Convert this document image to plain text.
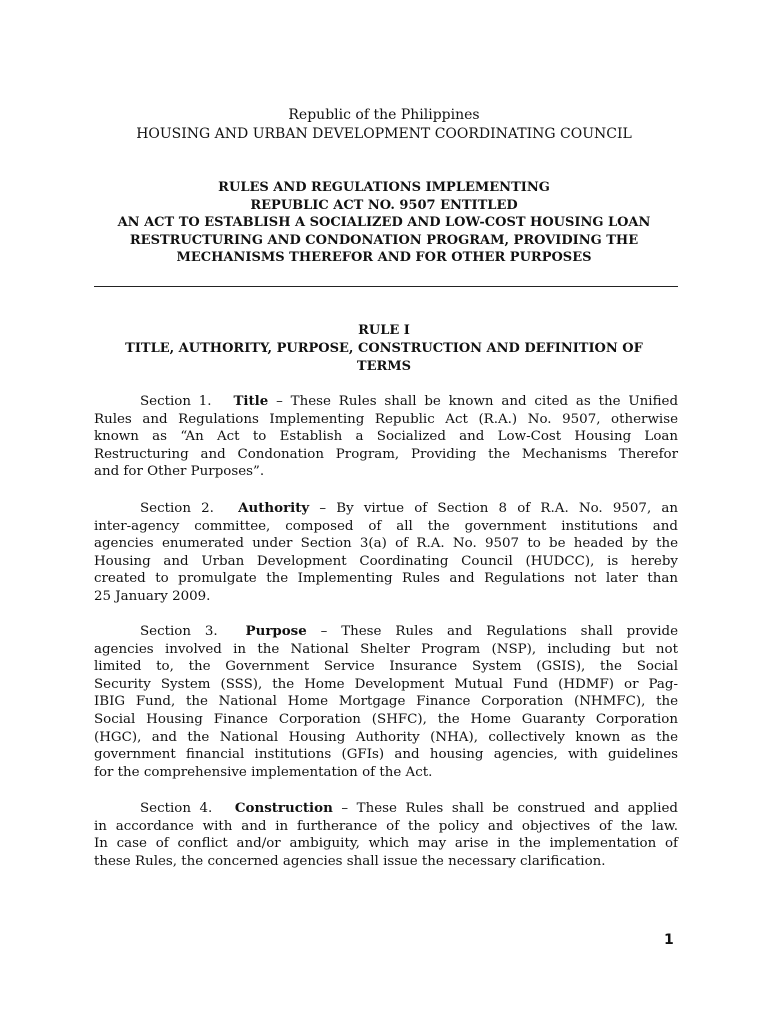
Republic of the Philippines
HOUSING AND URBAN DEVELOPMENT COORDINATING COUNCIL
RULES AND REGULATIONS IMPLEMENTING
REPUBLIC ACT NO. 9507 ENTITLED
AN ACT TO ESTABLISH A SOCIALIZED AND LOW-COST HOUSING LOAN
RESTRUCTURING AND CONDONATION PROGRAM, PROVIDING THE
MECHANISMS THEREFOR AND FOR OTHER PURPOSES
RULE I
TITLE, AUTHORITY, PURPOSE, CONSTRUCTION AND DEFINITION OF
TERMS
Section 1. Title – These Rules shall be known and cited as the Unified
Rules and Regulations Implementing Republic Act (R.A.) No. 9507, otherwise
known as “An Act to Establish a Socialized and Low-Cost Housing Loan
Restructuring and Condonation Program, Providing the Mechanisms Therefor
and for Other Purposes”.
Section 2. Authority – By virtue of Section 8 of R.A. No. 9507, an
inter-agency committee, composed of all the government institutions and
agencies enumerated under Section 3(a) of R.A. No. 9507 to be headed by the
Housing and Urban Development Coordinating Council (HUDCC), is hereby
created to promulgate the Implementing Rules and Regulations not later than
25 January 2009.
Section 3. Purpose – These Rules and Regulations shall provide
agencies involved in the National Shelter Program (NSP), including but not
limited to, the Government Service Insurance System (GSIS), the Social
Security System (SSS), the Home Development Mutual Fund (HDMF) or Pag-
IBIG Fund, the National Home Mortgage Finance Corporation (NHMFC), the
Social Housing Finance Corporation (SHFC), the Home Guaranty Corporation
(HGC), and the National Housing Authority (NHA), collectively known as the
government financial institutions (GFIs) and housing agencies, with guidelines
for the comprehensive implementation of the Act.
Section 4. Construction – These Rules shall be construed and applied
in accordance with and in furtherance of the policy and objectives of the law.
In case of conflict and/or ambiguity, which may arise in the implementation of
these Rules, the concerned agencies shall issue the necessary clarification.
1
